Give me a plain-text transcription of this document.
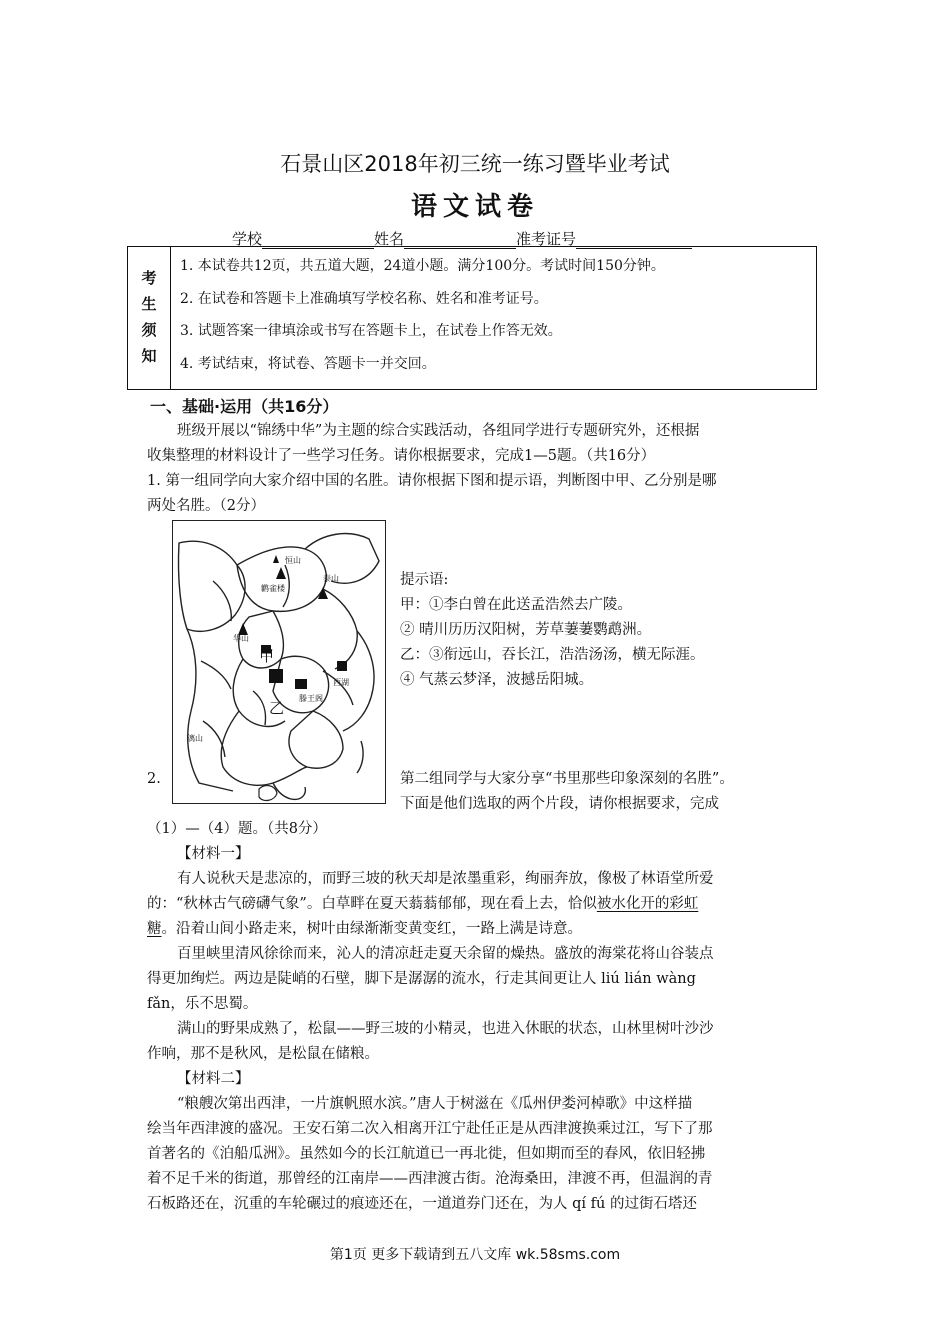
石景山区2018年初三统一练习暨毕业考试
语文试卷
学校	姓名	准考证号
考
生
须
知
1. 本试卷共12页，共五道大题，24道小题。满分100分。考试时间150分钟。
2. 在试卷和答题卡上准确填写学校名称、姓名和准考证号。
3. 试题答案一律填涂或书写在答题卡上，在试卷上作答无效。
4. 考试结束，将试卷、答题卡一并交回。
一、基础·运用（共16分）
班级开展以“锦绣中华”为主题的综合实践活动，各组同学进行专题研究外，还根据
收集整理的材料设计了一些学习任务。请你根据要求，完成1—5题。（共16分）
1. 第一组同学向大家介绍中国的名胜。请你根据下图和提示语，判断图中甲、乙分别是哪
两处名胜。（2分）
恒山
鹳雀楼
泰山
华山
西湖
滕王阁
漓山
甲
乙
提示语:
甲：①李白曾在此送孟浩然去广陵。
② 晴川历历汉阳树，芳草萋萋鹦鹉洲。
乙：③衔远山，吞长江，浩浩汤汤，横无际涯。
④ 气蒸云梦泽，波撼岳阳城。
2.	第二组同学与大家分享“书里那些印象深刻的名胜”。
下面是他们选取的两个片段，请你根据要求，完成
（1）—（4）题。（共8分）
【材料一】
有人说秋天是悲凉的，而野三坡的秋天却是浓墨重彩，绚丽奔放，像极了林语堂所爱
的：“秋林古气磅礴气象”。白草畔在夏天蓊蓊郁郁，现在看上去，恰似被水化开的彩虹
糖。沿着山间小路走来，树叶由绿渐渐变黄变红，一路上满是诗意。
百里峡里清风徐徐而来，沁人的清凉赶走夏天余留的燥热。盛放的海棠花将山谷装点
得更加绚烂。两边是陡峭的石壁，脚下是潺潺的流水，行走其间更让人 liú lián wàng
fǎn，乐不思蜀。
满山的野果成熟了，松鼠——野三坡的小精灵，也进入休眠的状态，山林里树叶沙沙
作响，那不是秋风，是松鼠在储粮。
【材料二】
“粮艘次第出西津，一片旗帆照水滨。”唐人于树滋在《瓜州伊娄河棹歌》中这样描
绘当年西津渡的盛况。王安石第二次入相离开江宁赴任正是从西津渡换乘过江，写下了那
首著名的《泊船瓜洲》。虽然如今的长江航道已一再北徙，但如期而至的春风，依旧轻拂
着不足千米的街道，那曾经的江南岸——西津渡古街。沧海桑田，津渡不再，但温润的青
石板路还在，沉重的车轮碾过的痕迹还在，一道道券门还在，为人 qí fú 的过街石塔还
第1页 更多下载请到五八文库 wk.58sms.com
